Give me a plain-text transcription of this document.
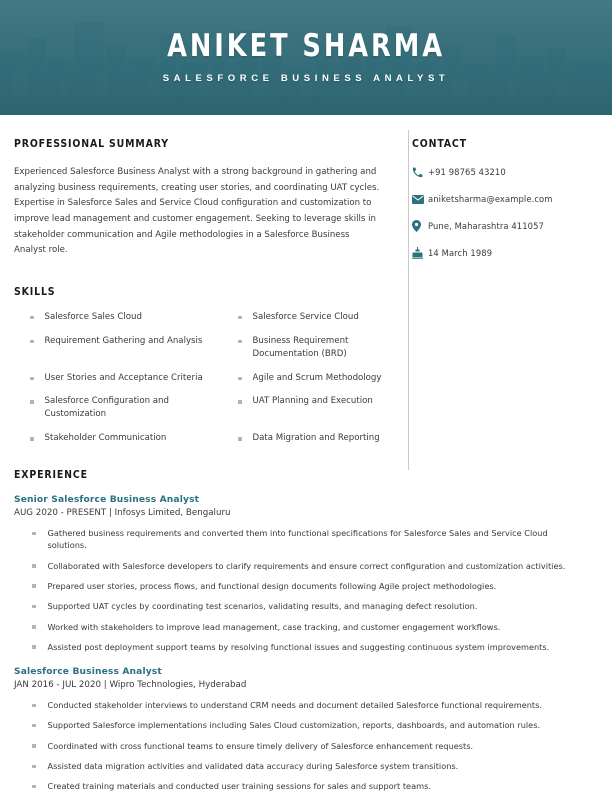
ANIKET SHARMA
SALESFORCE BUSINESS ANALYST
PROFESSIONAL SUMMARY
Experienced Salesforce Business Analyst with a strong background in gathering and analyzing business requirements, creating user stories, and coordinating UAT cycles. Expertise in Salesforce Sales and Service Cloud configuration and customization to improve lead management and customer engagement. Seeking to leverage skills in stakeholder communication and Agile methodologies in a Salesforce Business Analyst role.
SKILLS
Salesforce Sales Cloud	Salesforce Service Cloud
Requirement Gathering and Analysis	Business Requirement Documentation (BRD)
User Stories and Acceptance Criteria	Agile and Scrum Methodology
Salesforce Configuration and Customization
UAT Planning and Execution
Stakeholder Communication	Data Migration and Reporting
CONTACT
+91 98765 43210
aniketsharma@example.com
Pune, Maharashtra 411057
14 March 1989
EXPERIENCE
Senior Salesforce Business Analyst
AUG 2020 - PRESENT | Infosys Limited, Bengaluru
Gathered business requirements and converted them into functional specifications for Salesforce Sales and Service Cloud solutions.
Collaborated with Salesforce developers to clarify requirements and ensure correct configuration and customization activities.
Prepared user stories, process flows, and functional design documents following Agile project methodologies.
Supported UAT cycles by coordinating test scenarios, validating results, and managing defect resolution.
Worked with stakeholders to improve lead management, case tracking, and customer engagement workflows.
Assisted post deployment support teams by resolving functional issues and suggesting continuous system improvements.
Salesforce Business Analyst
JAN 2016 - JUL 2020 | Wipro Technologies, Hyderabad
Conducted stakeholder interviews to understand CRM needs and document detailed Salesforce functional requirements.
Supported Salesforce implementations including Sales Cloud customization, reports, dashboards, and automation rules.
Coordinated with cross functional teams to ensure timely delivery of Salesforce enhancement requests.
Assisted data migration activities and validated data accuracy during Salesforce system transitions.
Created training materials and conducted user training sessions for sales and support teams.
